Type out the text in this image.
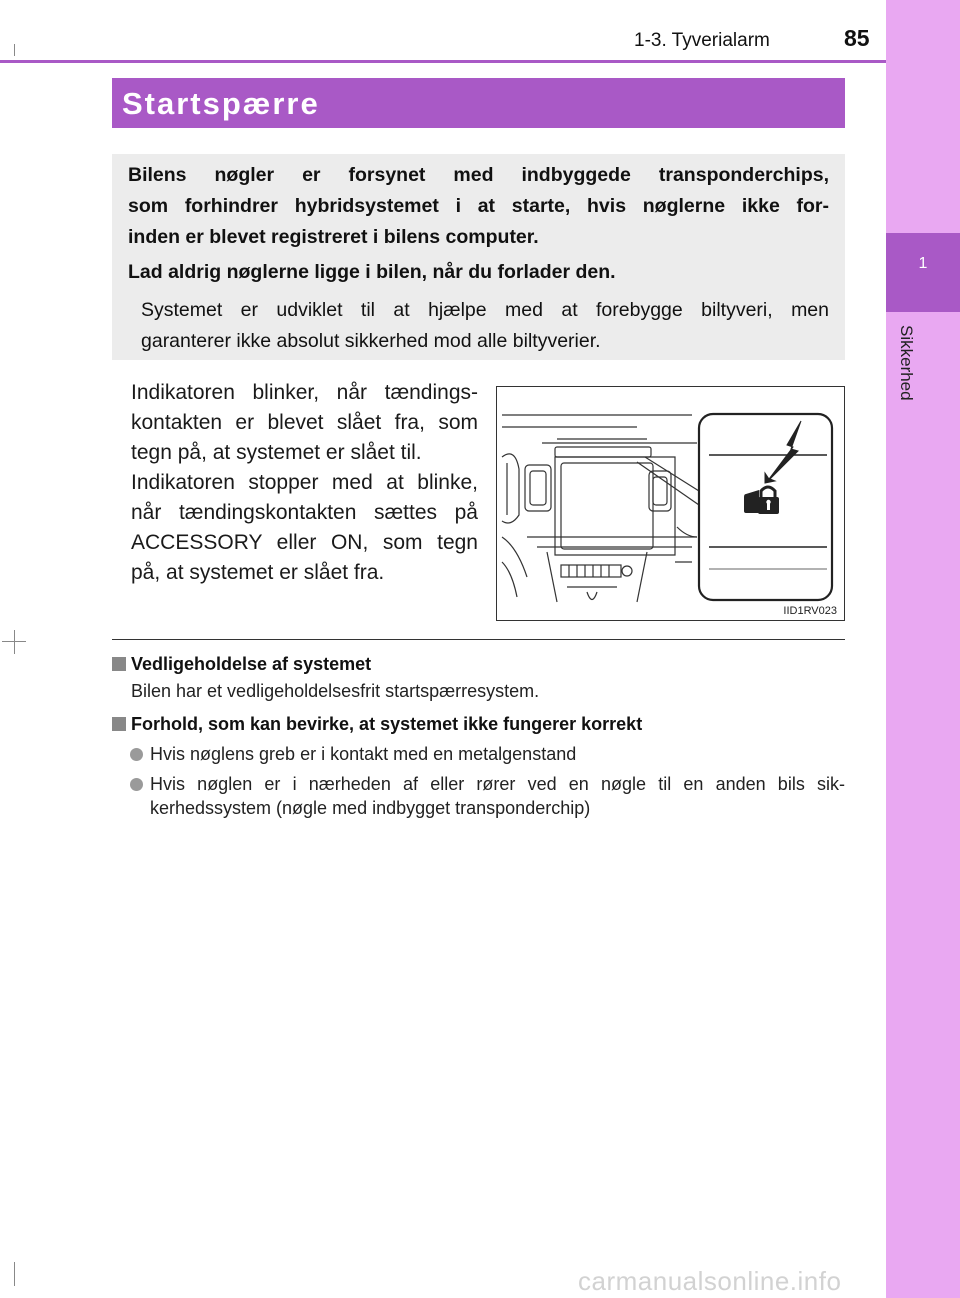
1
Sikkerhed
1-3. Tyverialarm	85
Startspærre
Bilens nøgler er forsynet med indbyggede transponderchips,
som forhindrer hybridsystemet i at starte, hvis nøglerne ikke for-
inden er blevet registreret i bilens computer.
Lad aldrig nøglerne ligge i bilen, når du forlader den.
Systemet er udviklet til at hjælpe med at forebygge biltyveri, men
garanterer ikke absolut sikkerhed mod alle biltyverier.
Indikatoren blinker, når tændings-
kontakten er blevet slået fra, som
tegn på, at systemet er slået til.
Indikatoren stopper med at blinke,
når tændingskontakten sættes på
ACCESSORY eller ON, som tegn
på, at systemet er slået fra.
IID1RV023
Vedligeholdelse af systemet
Bilen har et vedligeholdelsesfrit startspærresystem.
Forhold, som kan bevirke, at systemet ikke fungerer korrekt
Hvis nøglens greb er i kontakt med en metalgenstand
Hvis nøglen er i nærheden af eller rører ved en nøgle til en anden bils sik-
kerhedssystem (nøgle med indbygget transponderchip)
carmanualsonline.info
